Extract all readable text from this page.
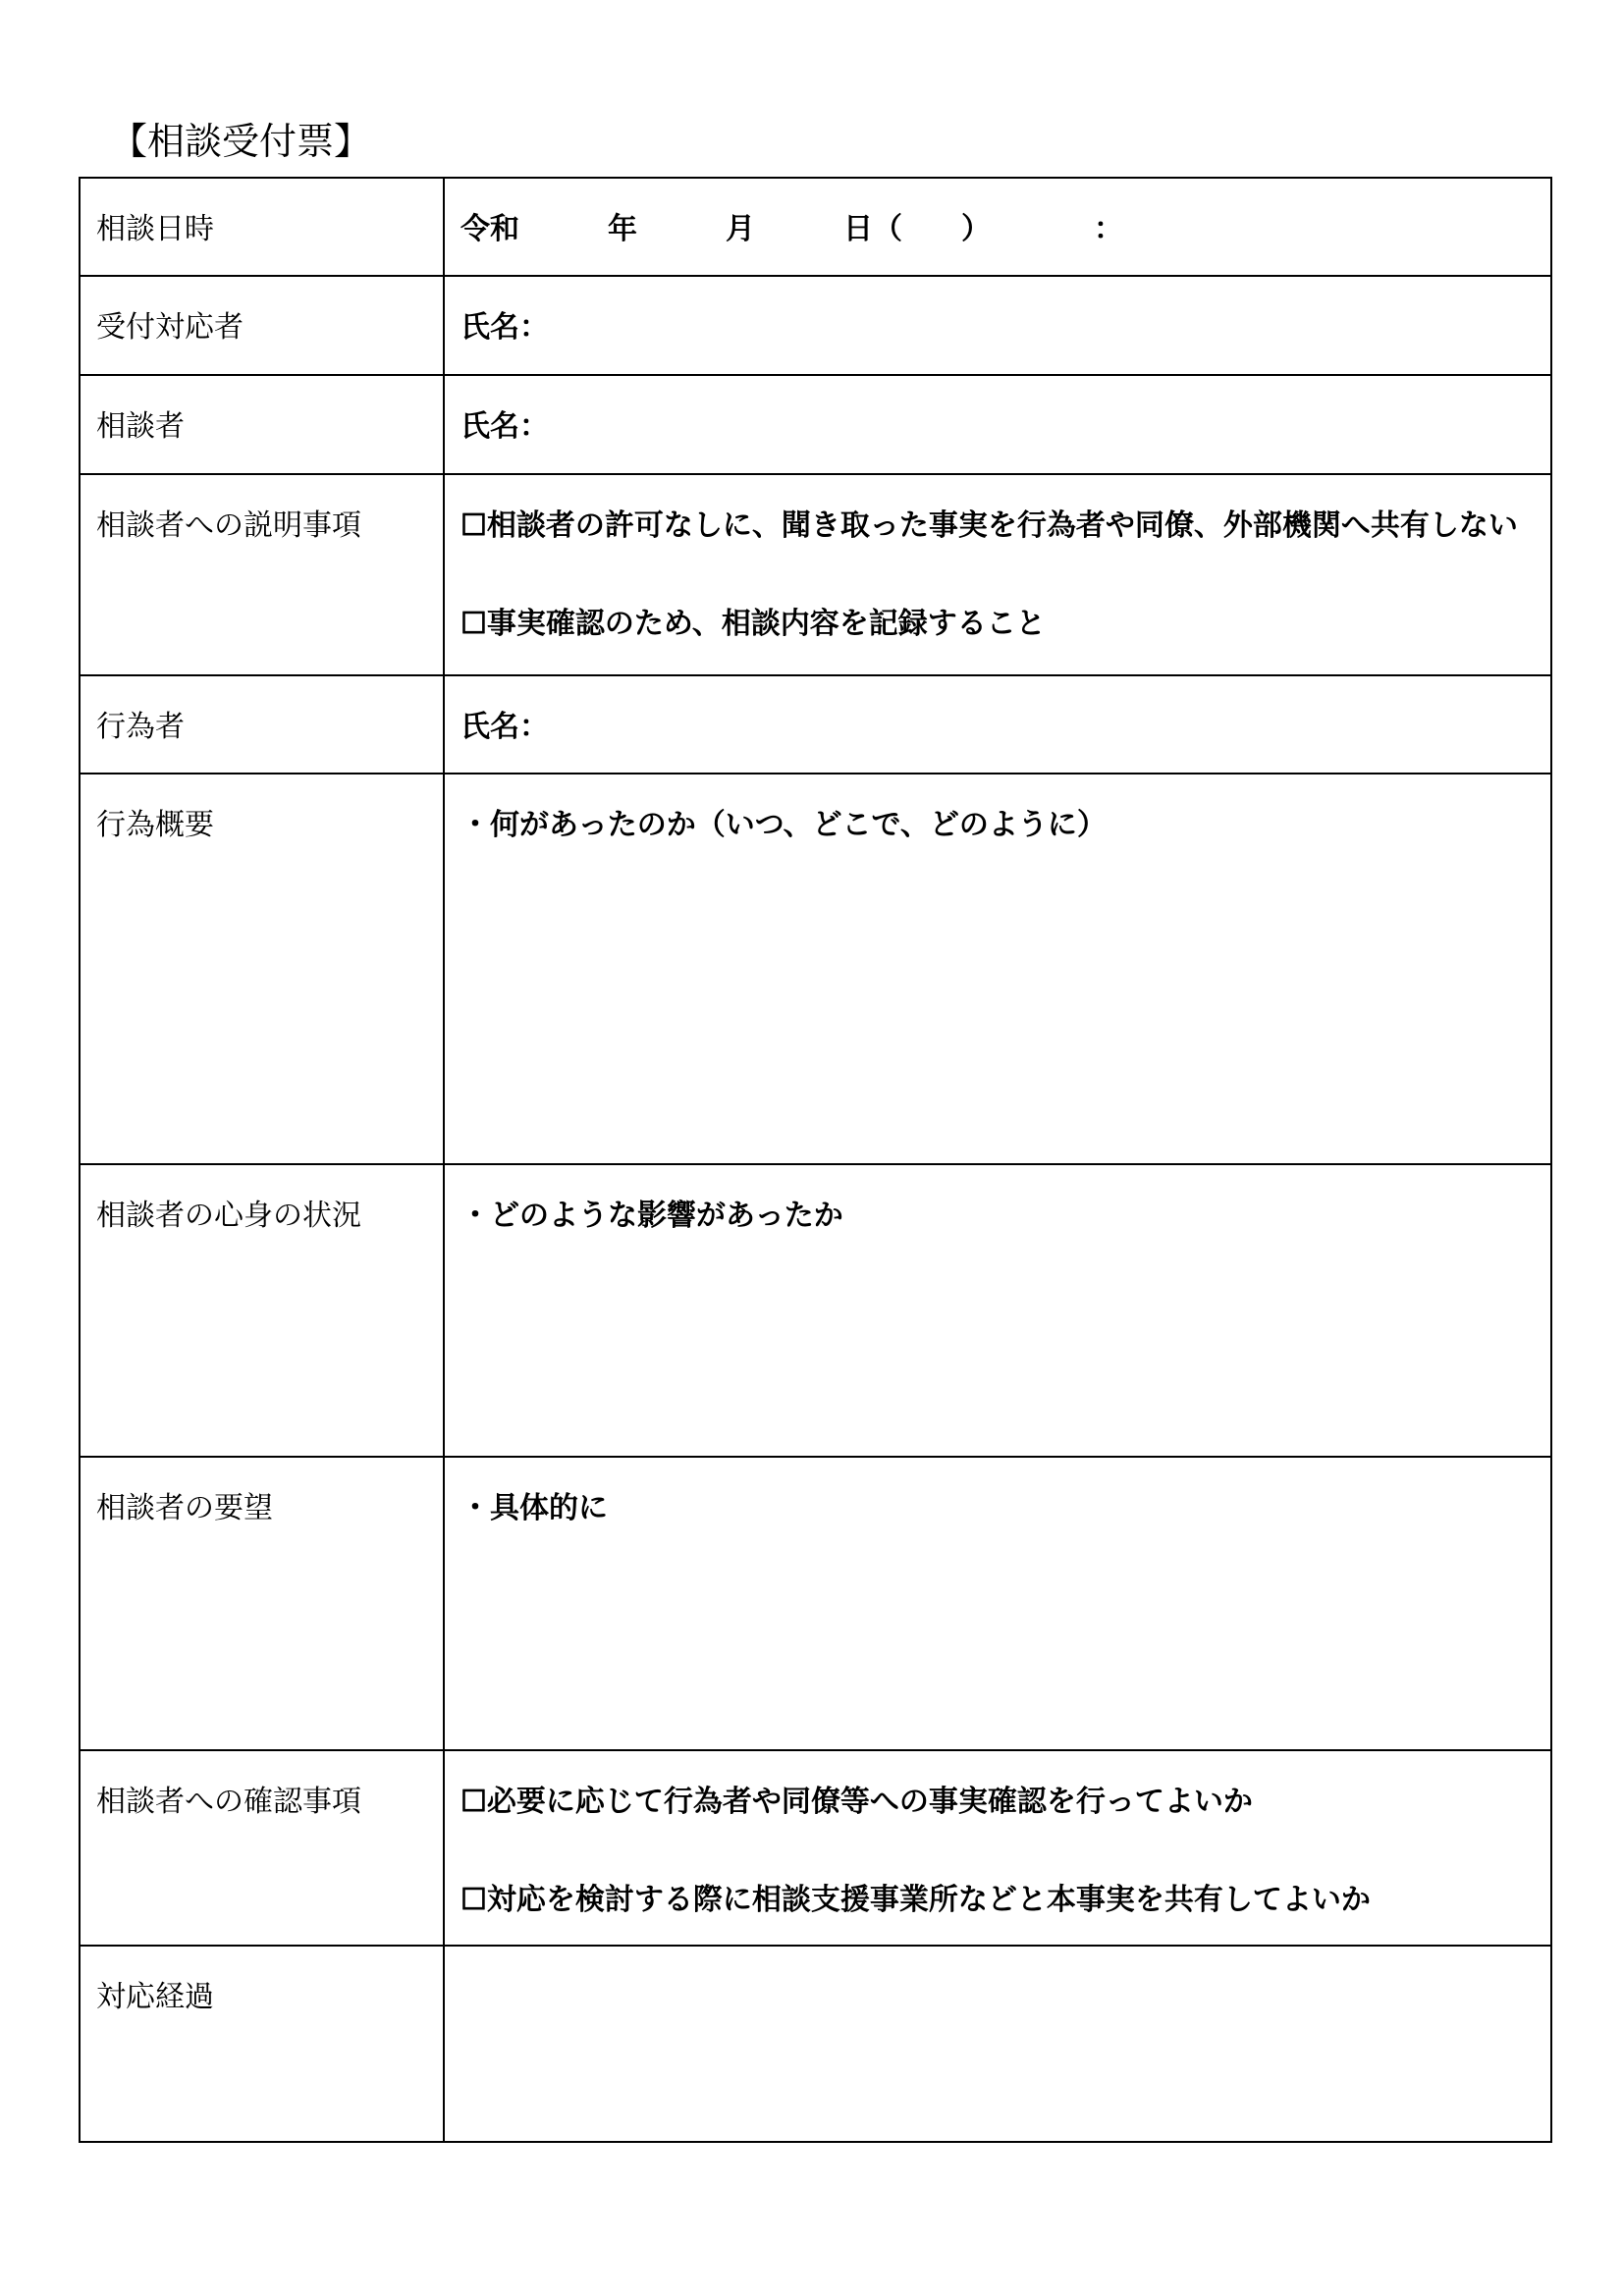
【相談受付票】
相談日時	令和　　　年　　　月　　　日（　　）　　　　：

受付対応者	氏名：

相談者	氏名：

相談者への説明事項	☐相談者の許可なしに、聞き取った事実を行為者や同僚、外部機関へ共有しない
☐事実確認のため、相談内容を記録すること

行為者	氏名：

行為概要	・何があったのか（いつ、どこで、どのように）

相談者の心身の状況	・どのような影響があったか

相談者の要望	・具体的に

相談者への確認事項	☐必要に応じて行為者や同僚等への事実確認を行ってよいか
☐対応を検討する際に相談支援事業所などと本事実を共有してよいか

対応経過	
